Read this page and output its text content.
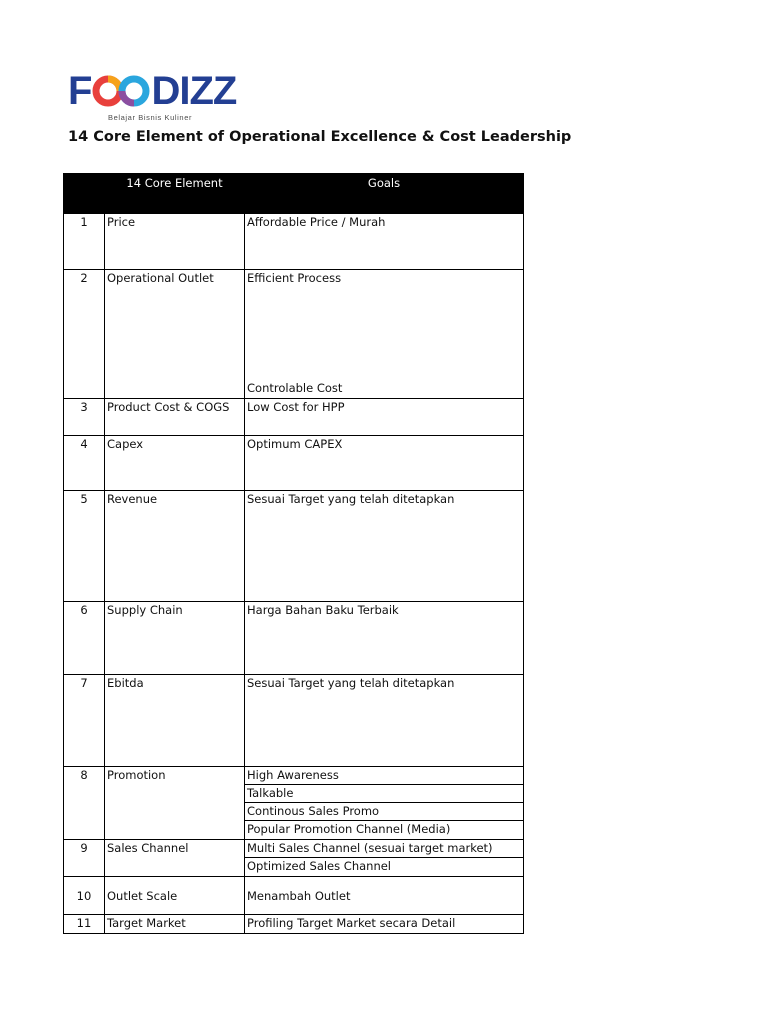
F DIZZ
Belajar Bisnis Kuliner
14 Core Element of Operational Excellence & Cost Leadership
	14 Core Element	Goals
1	Price	Affordable Price / Murah
2	Operational Outlet	Efficient Process
Controlable Cost

3	Product Cost & COGS	Low Cost for HPP
4	Capex	Optimum CAPEX
5	Revenue	Sesuai Target yang telah ditetapkan
6	Supply Chain	Harga Bahan Baku Terbaik
7	Ebitda	Sesuai Target yang telah ditetapkan
8	Promotion	High Awareness
Talkable
Continous Sales Promo
Popular Promotion Channel (Media)

9	Sales Channel	Multi Sales Channel (sesuai target market)
Optimized Sales Channel

10	Outlet Scale	Menambah Outlet
11	Target Market	Profiling Target Market secara Detail
